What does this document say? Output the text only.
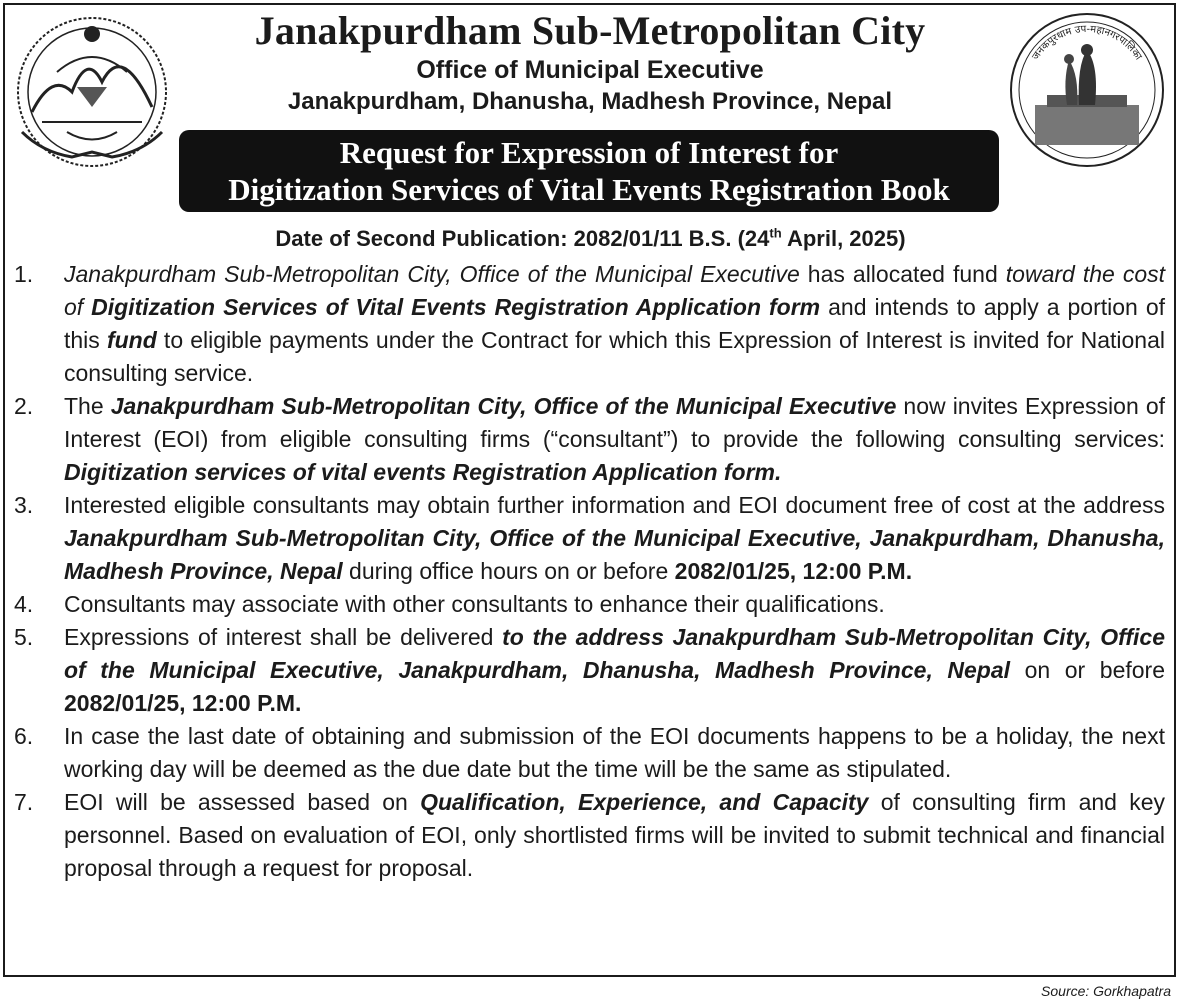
जनकपुरधाम उप-महानगरपालिका
Janakpurdham Sub-Metropolitan City
Office of Municipal Executive
Janakpurdham, Dhanusha, Madhesh Province, Nepal
Request for Expression of Interest for
Digitization Services of Vital Events Registration Book
Date of Second Publication: 2082/01/11 B.S. (24th April, 2025)
1.	Janakpurdham Sub-Metropolitan City, Office of the Municipal Executive has allocated fund toward the cost of Digitization Services of Vital Events Registration Application form and intends to apply a portion of this fund to eligible payments under the Contract for which this Expression of Interest is invited for National consulting service.
2.	The Janakpurdham Sub-Metropolitan City, Office of the Municipal Executive now invites Expression of Interest (EOI) from eligible consulting firms (“consultant”) to provide the following consulting services: Digitization services of vital events Registration Application form.
3.	Interested eligible consultants may obtain further information and EOI document free of cost at the address Janakpurdham Sub-Metropolitan City, Office of the Municipal Executive, Janakpurdham, Dhanusha, Madhesh Province, Nepal during office hours on or before 2082/01/25, 12:00 P.M.
4.	Consultants may associate with other consultants to enhance their qualifications.
5.	Expressions of interest shall be delivered to the address Janakpurdham Sub-Metropolitan City, Office of the Municipal Executive, Janakpurdham, Dhanusha, Madhesh Province, Nepal on or before 2082/01/25, 12:00 P.M.
6.	In case the last date of obtaining and submission of the EOI documents happens to be a holiday, the next working day will be deemed as the due date but the time will be the same as stipulated.
7.	EOI will be assessed based on Qualification, Experience, and Capacity of consulting firm and key personnel. Based on evaluation of EOI, only shortlisted firms will be invited to submit technical and financial proposal through a request for proposal.
Source: Gorkhapatra
